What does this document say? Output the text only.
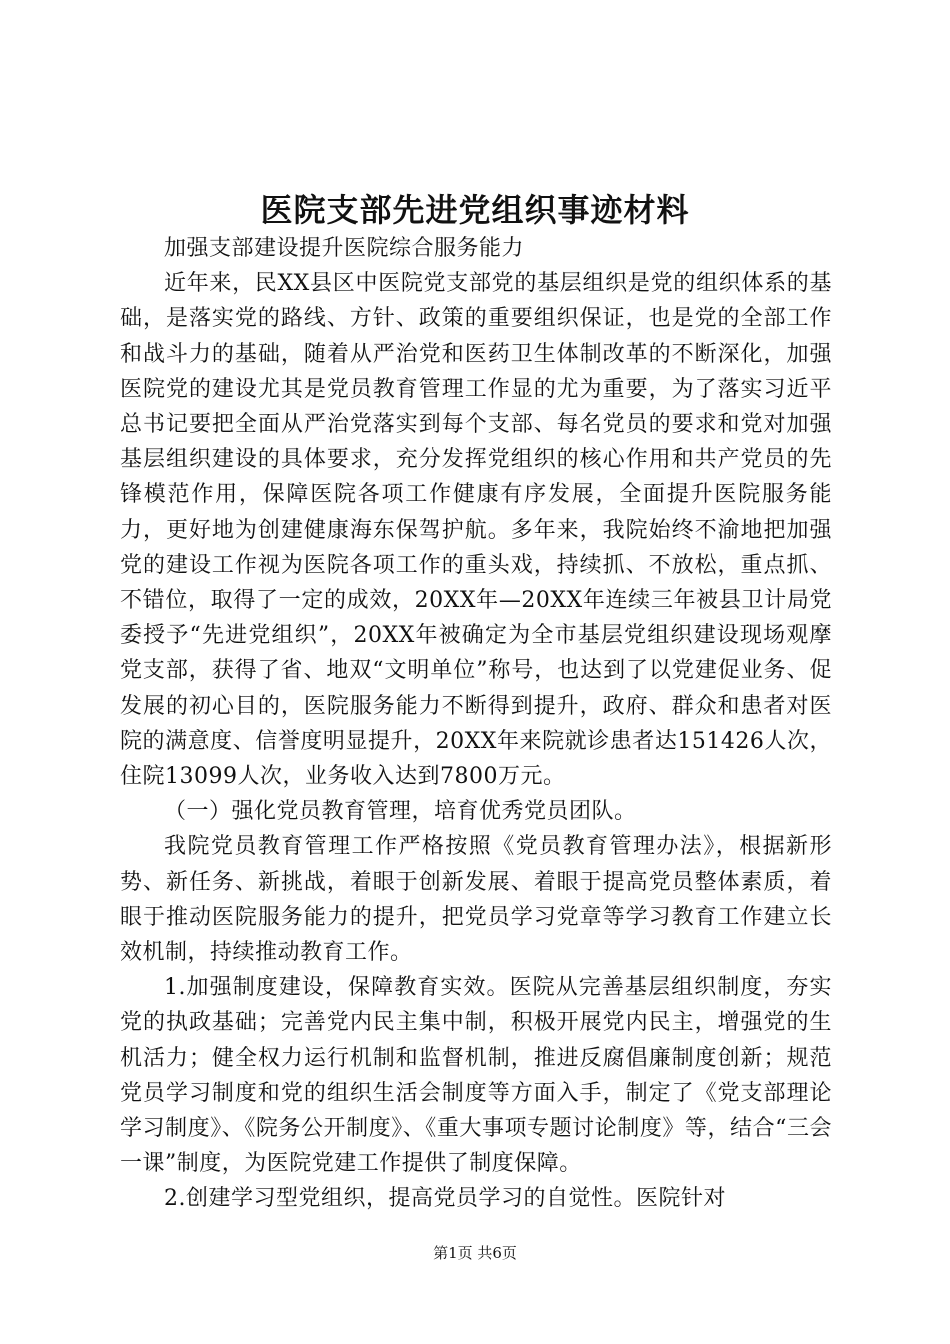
医院支部先进党组织事迹材料

加强支部建设提升医院综合服务能力

近年来，民XX县区中医院党支部党的基层组织是党的组织体系的基础，是落实党的路线、方针、政策的重要组织保证，也是党的全部工作和战斗力的基础，随着从严治党和医药卫生体制改革的不断深化，加强医院党的建设尤其是党员教育管理工作显的尤为重要，为了落实习近平总书记要把全面从严治党落实到每个支部、每名党员的要求和党对加强基层组织建设的具体要求，充分发挥党组织的核心作用和共产党员的先锋模范作用，保障医院各项工作健康有序发展，全面提升医院服务能力，更好地为创建健康海东保驾护航。多年来，我院始终不渝地把加强党的建设工作视为医院各项工作的重头戏，持续抓、不放松，重点抓、不错位，取得了一定的成效，20XX年—20XX年连续三年被县卫计局党委授予“先进党组织”，20XX年被确定为全市基层党组织建设现场观摩党支部，获得了省、地双“文明单位”称号，也达到了以党建促业务、促发展的初心目的，医院服务能力不断得到提升，政府、群众和患者对医院的满意度、信誉度明显提升，20XX年来院就诊患者达151426人次，住院13099人次，业务收入达到7800万元。

（一）强化党员教育管理，培育优秀党员团队。

我院党员教育管理工作严格按照《党员教育管理办法》，根据新形势、新任务、新挑战，着眼于创新发展、着眼于提高党员整体素质，着眼于推动医院服务能力的提升，把党员学习党章等学习教育工作建立长效机制，持续推动教育工作。

1.加强制度建设，保障教育实效。医院从完善基层组织制度，夯实党的执政基础；完善党内民主集中制，积极开展党内民主，增强党的生机活力；健全权力运行机制和监督机制，推进反腐倡廉制度创新；规范党员学习制度和党的组织生活会制度等方面入手，制定了《党支部理论学习制度》、《院务公开制度》、《重大事项专题讨论制度》等，结合“三会一课”制度，为医院党建工作提供了制度保障。

2.创建学习型党组织，提高党员学习的自觉性。医院针对

第1页 共6页
